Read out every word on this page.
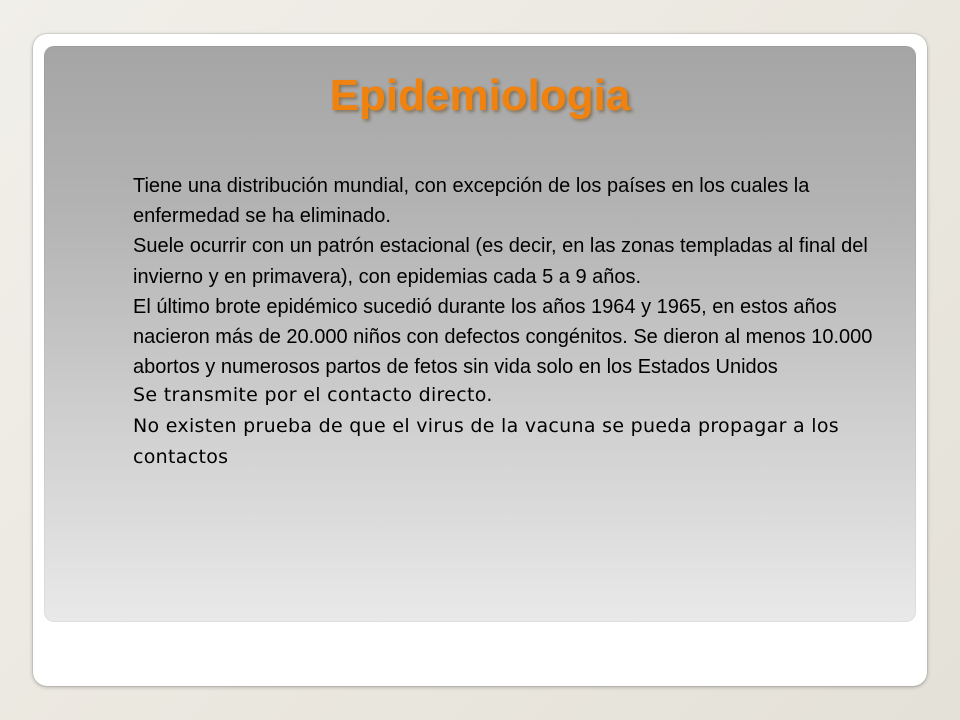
Epidemiologia
Tiene una distribución mundial, con excepción de los países en los cuales la enfermedad se ha eliminado.
Suele ocurrir con un patrón estacional (es decir, en las zonas templadas al final del invierno y en primavera), con epidemias cada 5 a 9 años.
El último brote epidémico sucedió durante los años 1964 y 1965, en estos años nacieron más de 20.000 niños con defectos congénitos. Se dieron al menos 10.000 abortos y numerosos partos de fetos sin vida solo en los Estados Unidos
Se transmite por el contacto directo.
No existen prueba de que el virus de la vacuna se pueda propagar a los contactos
